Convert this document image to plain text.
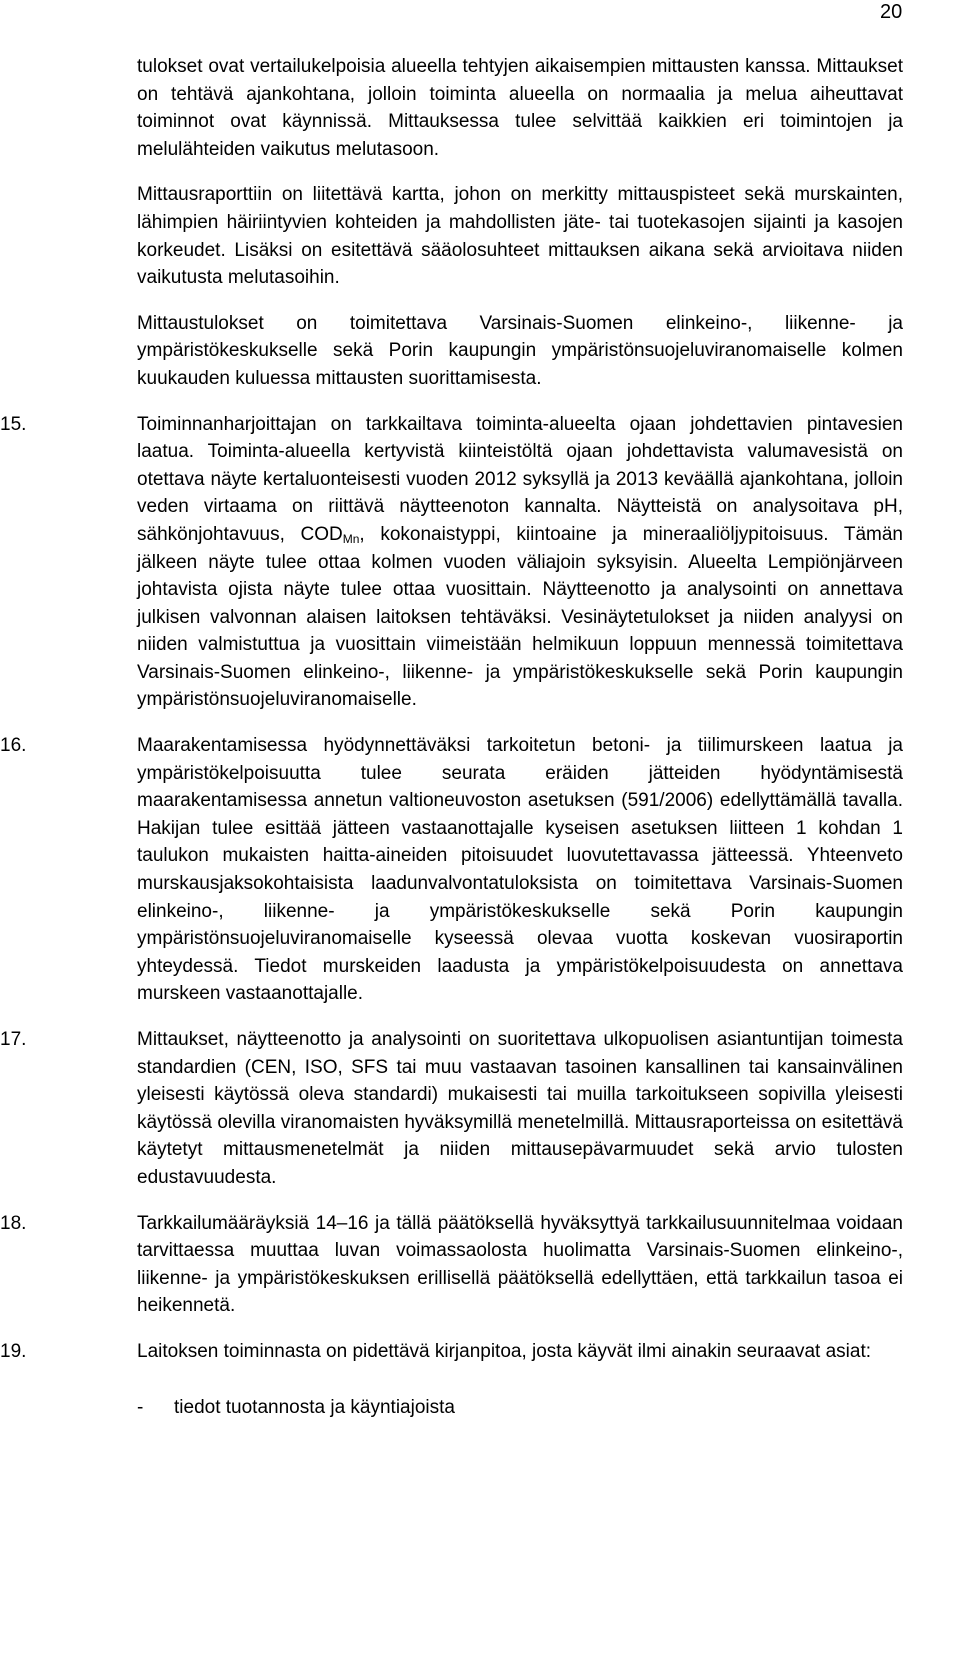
20

tulokset ovat vertailukelpoisia alueella tehtyjen aikaisempien mittausten kanssa. Mittaukset on tehtävä ajankohtana, jolloin toiminta alueella on normaalia ja melua aiheuttavat toiminnot ovat käynnissä. Mittauksessa tulee selvittää kaikkien eri toimintojen ja melulähteiden vaikutus melutasoon.

Mittausraporttiin on liitettävä kartta, johon on merkitty mittauspisteet sekä murskainten, lähimpien häiriintyvien kohteiden ja mahdollisten jäte- tai tuotekasojen sijainti ja kasojen korkeudet. Lisäksi on esitettävä sääolosuhteet mittauksen aikana sekä arvioitava niiden vaikutusta melutasoihin.

Mittaustulokset on toimitettava Varsinais-Suomen elinkeino-, liikenne- ja ympäristökeskukselle sekä Porin kaupungin ympäristönsuojeluviranomaiselle kolmen kuukauden kuluessa mittausten suorittamisesta.

15.	Toiminnanharjoittajan on tarkkailtava toiminta-alueelta ojaan johdettavien pintavesien laatua. Toiminta-alueella kertyvistä kiinteistöltä ojaan johdettavista valumavesistä on otettava näyte kertaluonteisesti vuoden 2012 syksyllä ja 2013 keväällä ajankohtana, jolloin veden virtaama on riittävä näytteenoton kannalta. Näytteistä on analysoitava pH, sähkönjohtavuus, $COD_{Mn}$, kokonaistyppi, kiintoaine ja mineraaliöljypitoisuus. Tämän jälkeen näyte tulee ottaa kolmen vuoden väliajoin syksyisin. Alueelta Lempiönjärveen johtavista ojista näyte tulee ottaa vuosittain. Näytteenotto ja analysointi on annettava julkisen valvonnan alaisen laitoksen tehtäväksi. Vesinäytetulokset ja niiden analyysi on niiden valmistuttua ja vuosittain viimeistään helmikuun loppuun mennessä toimitettava Varsinais-Suomen elinkeino-, liikenne- ja ympäristökeskukselle sekä Porin kaupungin ympäristönsuojeluviranomaiselle.
16.	Maarakentamisessa hyödynnettäväksi tarkoitetun betoni- ja tiilimurskeen laatua ja ympäristökelpoisuutta tulee seurata eräiden jätteiden hyödyntämisestä maarakentamisessa annetun valtioneuvoston asetuksen (591/2006) edellyttämällä tavalla. Hakijan tulee esittää jätteen vastaanottajalle kyseisen asetuksen liitteen 1 kohdan 1 taulukon mukaisten haitta-aineiden pitoisuudet luovutettavassa jätteessä. Yhteenveto murskausjaksokohtaisista laadunvalvontatuloksista on toimitettava Varsinais-Suomen elinkeino-, liikenne- ja ympäristökeskukselle sekä Porin kaupungin ympäristönsuojeluviranomaiselle kyseessä olevaa vuotta koskevan vuosiraportin yhteydessä. Tiedot murskeiden laadusta ja ympäristökelpoisuudesta on annettava murskeen vastaanottajalle.
17.	Mittaukset, näytteenotto ja analysointi on suoritettava ulkopuolisen asiantuntijan toimesta standardien (CEN, ISO, SFS tai muu vastaavan tasoinen kansallinen tai kansainvälinen yleisesti käytössä oleva standardi) mukaisesti tai muilla tarkoitukseen sopivilla yleisesti käytössä olevilla viranomaisten hyväksymillä menetelmillä. Mittausraporteissa on esitettävä käytetyt mittausmenetelmät ja niiden mittausepävarmuudet sekä arvio tulosten edustavuudesta.
18.	Tarkkailumääräyksiä 14–16 ja tällä päätöksellä hyväksyttyä tarkkailusuunnitelmaa voidaan tarvittaessa muuttaa luvan voimassaolosta huolimatta Varsinais-Suomen elinkeino-, liikenne- ja ympäristökeskuksen erillisellä päätöksellä edellyttäen, että tarkkailun tasoa ei heikennetä.
19.	Laitoksen toiminnasta on pidettävä kirjanpitoa, josta käyvät ilmi ainakin seuraavat asiat:
- tiedot tuotannosta ja käyntiajoista
